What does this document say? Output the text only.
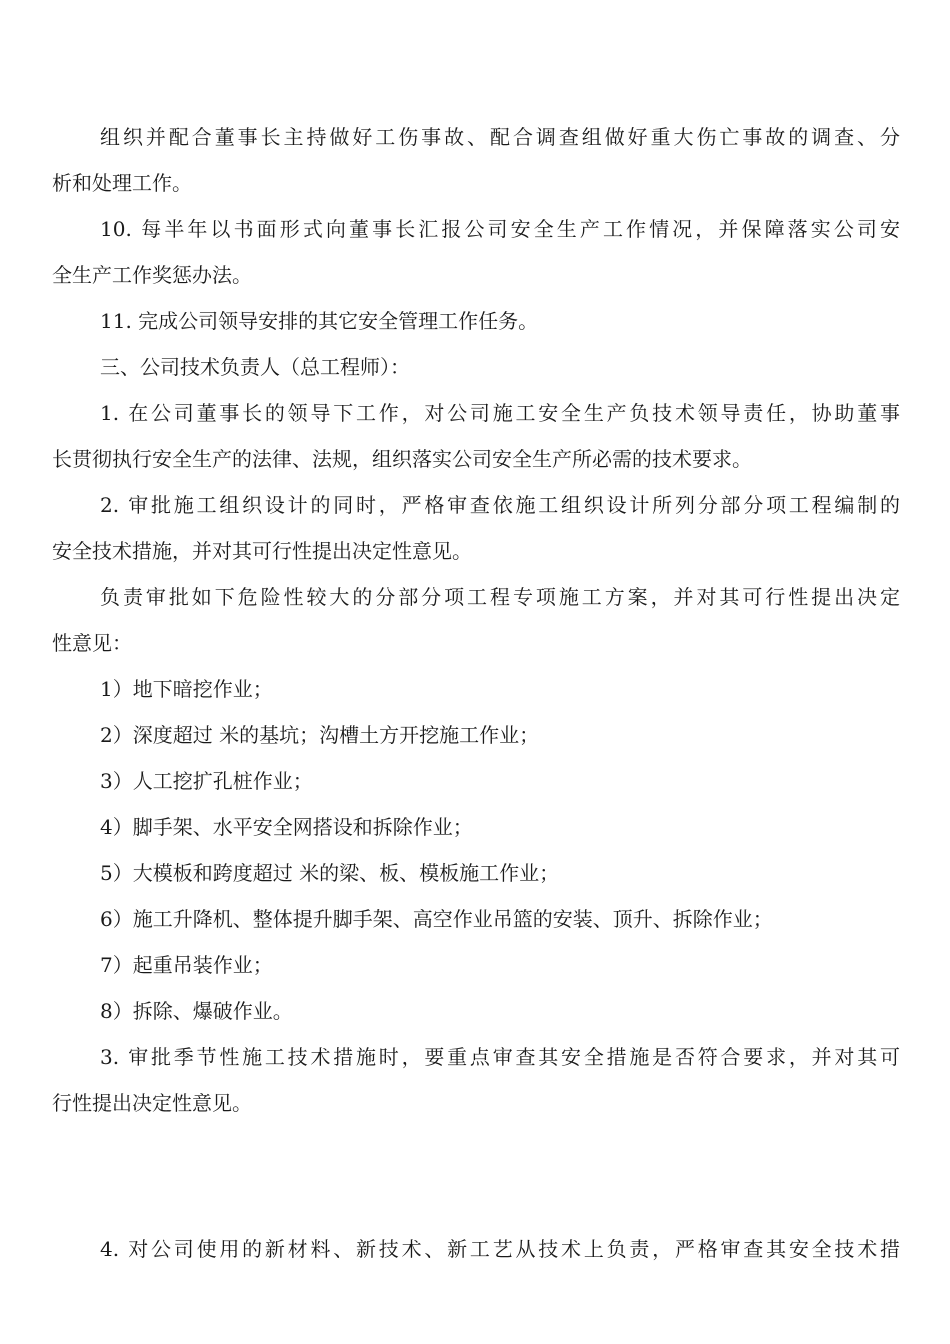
组织并配合董事长主持做好工伤事故、配合调查组做好重大伤亡事故的调查、分

析和处理工作。

10. 每半年以书面形式向董事长汇报公司安全生产工作情况，并保障落实公司安

全生产工作奖惩办法。

11. 完成公司领导安排的其它安全管理工作任务。

三、公司技术负责人（总工程师）：

1. 在公司董事长的领导下工作，对公司施工安全生产负技术领导责任，协助董事

长贯彻执行安全生产的法律、法规，组织落实公司安全生产所必需的技术要求。

2. 审批施工组织设计的同时，严格审查依施工组织设计所列分部分项工程编制的

安全技术措施，并对其可行性提出决定性意见。

负责审批如下危险性较大的分部分项工程专项施工方案，并对其可行性提出决定

性意见：

1）地下暗挖作业；

2）深度超过 米的基坑；沟槽土方开挖施工作业；

3）人工挖扩孔桩作业；

4）脚手架、水平安全网搭设和拆除作业；

5）大模板和跨度超过 米的梁、板、模板施工作业；

6）施工升降机、整体提升脚手架、高空作业吊篮的安装、顶升、拆除作业；

7）起重吊装作业；

8）拆除、爆破作业。

3. 审批季节性施工技术措施时，要重点审查其安全措施是否符合要求，并对其可

行性提出决定性意见。

4. 对公司使用的新材料、新技术、新工艺从技术上负责，严格审查其安全技术措
